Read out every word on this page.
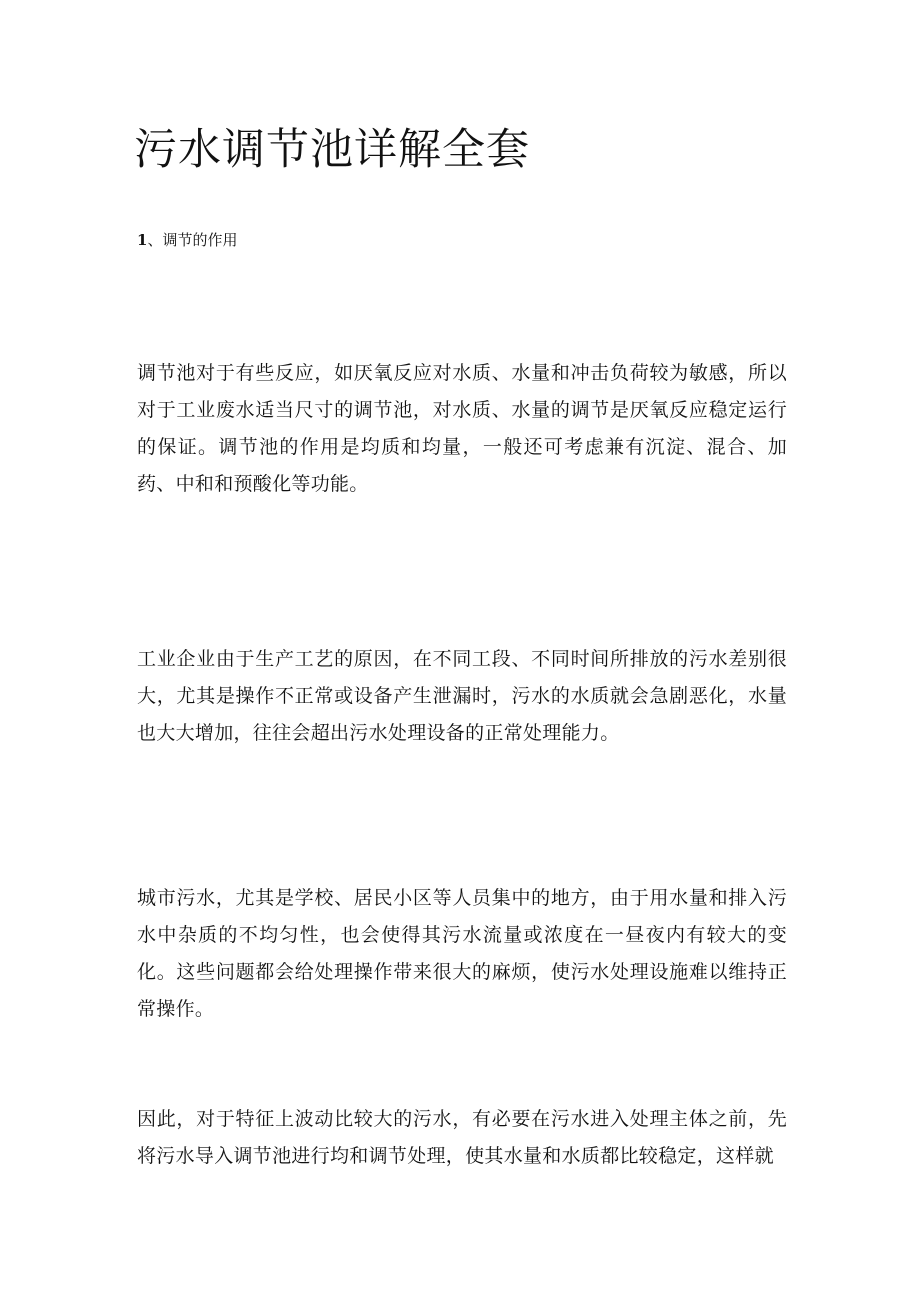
污水调节池详解全套
1、调节的作用

调节池对于有些反应，如厌氧反应对水质、水量和冲击负荷较为敏感，所以对于工业废水适当尺寸的调节池，对水质、水量的调节是厌氧反应稳定运行的保证。调节池的作用是均质和均量，一般还可考虑兼有沉淀、混合、加药、中和和预酸化等功能。

工业企业由于生产工艺的原因，在不同工段、不同时间所排放的污水差别很大，尤其是操作不正常或设备产生泄漏时，污水的水质就会急剧恶化，水量也大大增加，往往会超出污水处理设备的正常处理能力。

城市污水，尤其是学校、居民小区等人员集中的地方，由于用水量和排入污水中杂质的不均匀性，也会使得其污水流量或浓度在一昼夜内有较大的变化。这些问题都会给处理操作带来很大的麻烦，使污水处理设施难以维持正常操作。

因此，对于特征上波动比较大的污水，有必要在污水进入处理主体之前，先将污水导入调节池进行均和调节处理，使其水量和水质都比较稳定，这样就
